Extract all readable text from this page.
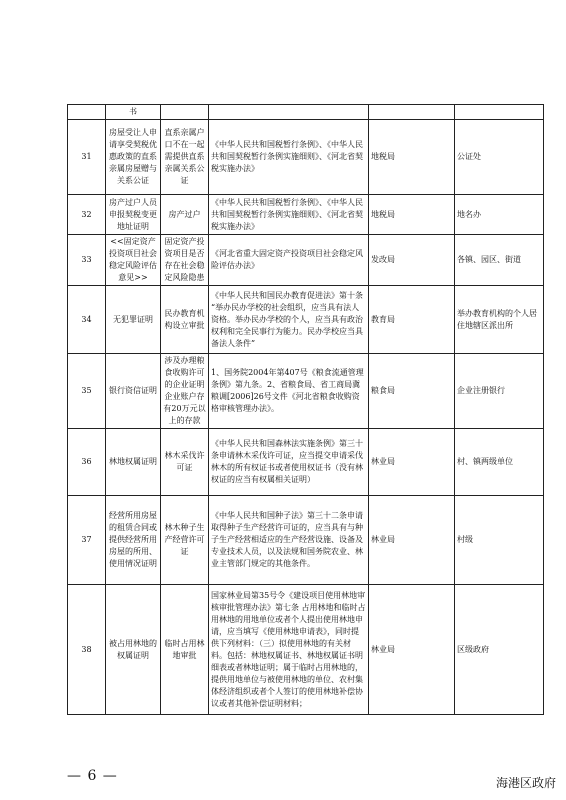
	书				
31	房屋受让人申请享受契税优惠政策的直系亲属房屋赠与关系公证	直系亲属户口不在一起需提供直系亲属关系公证	《中华人民共和国税暂行条例》、《中华人民共和国契税暂行条例实施细则》、《河北省契税实施办法》	地税局	公证处
32	房产过户人员申报契税变更地址证明	房产过户	《中华人民共和国税暂行条例》、《中华人民共和国契税暂行条例实施细则》、《河北省契税实施办法》	地税局	地名办
33	<<固定资产投资项目社会稳定风险评估意见>>	固定资产投资项目是否存在社会稳定风险隐患	《河北省重大固定资产投资项目社会稳定风险评估办法》	发改局	各镇、园区、街道
34	无犯罪证明	民办教育机构设立审批	《中华人民共和国民办教育促进法》第十条 “举办民办学校的社会组织，应当具有法人资格。举办民办学校的个人，应当具有政治权利和完全民事行为能力。民办学校应当具备法人条件”	教育局	举办教育机构的个人居住地辖区派出所
35	银行资信证明	涉及办理粮食收购许可的企业证明企业账户存有20万元以上的存款	1、国务院2004年第407号《粮食流通管理条例》第九条。2、省粮食局、省工商局冀粮调[2006]26号文件《河北省粮食收购资格审核管理办法》。	粮食局	企业注册银行
36	林地权属证明	林木采伐许可证	《中华人民共和国森林法实施条例》第三十条申请林木采伐许可证，应当提交申请采伐林木的所有权证书或者使用权证书（没有林权证的应当有权属相关证明）	林业局	村、镇两级单位
37	经营所用房屋的租赁合同或提供经营所用房屋的所用、使用情况证明	林木种子生产经营许可证	《中华人民共和国种子法》第三十二条申请取得种子生产经营许可证的，应当具有与种子生产经营相适应的生产经营设施、设备及专业技术人员，以及法规和国务院农业、林业主管部门规定的其他条件。	林业局	村级
38	被占用林地的权属证明	临时占用林地审批	国家林业局第35号令《建设项目使用林地审核审批管理办法》第七条 占用林地和临时占用林地的用地单位或者个人提出使用林地申请，应当填写《使用林地申请表》，同时提供下列材料：（三）拟使用林地的有关材料。包括：林地权属证书、林地权属证书明细表或者林地证明；属于临时占用林地的，提供用地单位与被使用林地的单位、农村集体经济组织或者个人签订的使用林地补偿协议或者其他补偿证明材料；	林业局	区级政府
— 6 —	海港区政府
